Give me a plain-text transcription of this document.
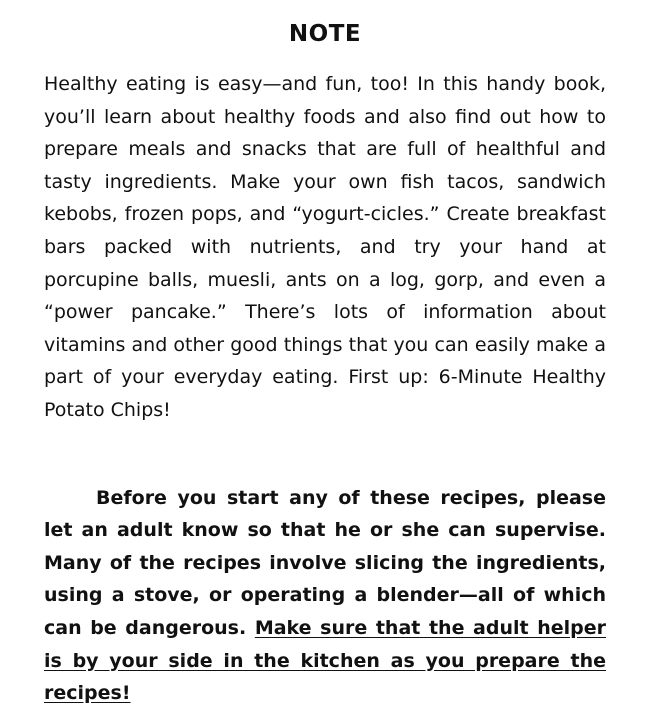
NOTE

Healthy eating is easy—and fun, too! In this handy book, you’ll learn about healthy foods and also find out how to prepare meals and snacks that are full of healthful and tasty ingredients. Make your own fish tacos, sandwich kebobs, frozen pops, and “yogurt-cicles.” Create breakfast bars packed with nutrients, and try your hand at porcupine balls, muesli, ants on a log, gorp, and even a “power pancake.” There’s lots of information about vitamins and other good things that you can easily make a part of your everyday eating. First up: 6-Minute Healthy Potato Chips!

Before you start any of these recipes, please let an adult know so that he or she can supervise. Many of the recipes involve slicing the ingredients, using a stove, or operating a blender—all of which can be dangerous. Make sure that the adult helper is by your side in the kitchen as you prepare the recipes!
